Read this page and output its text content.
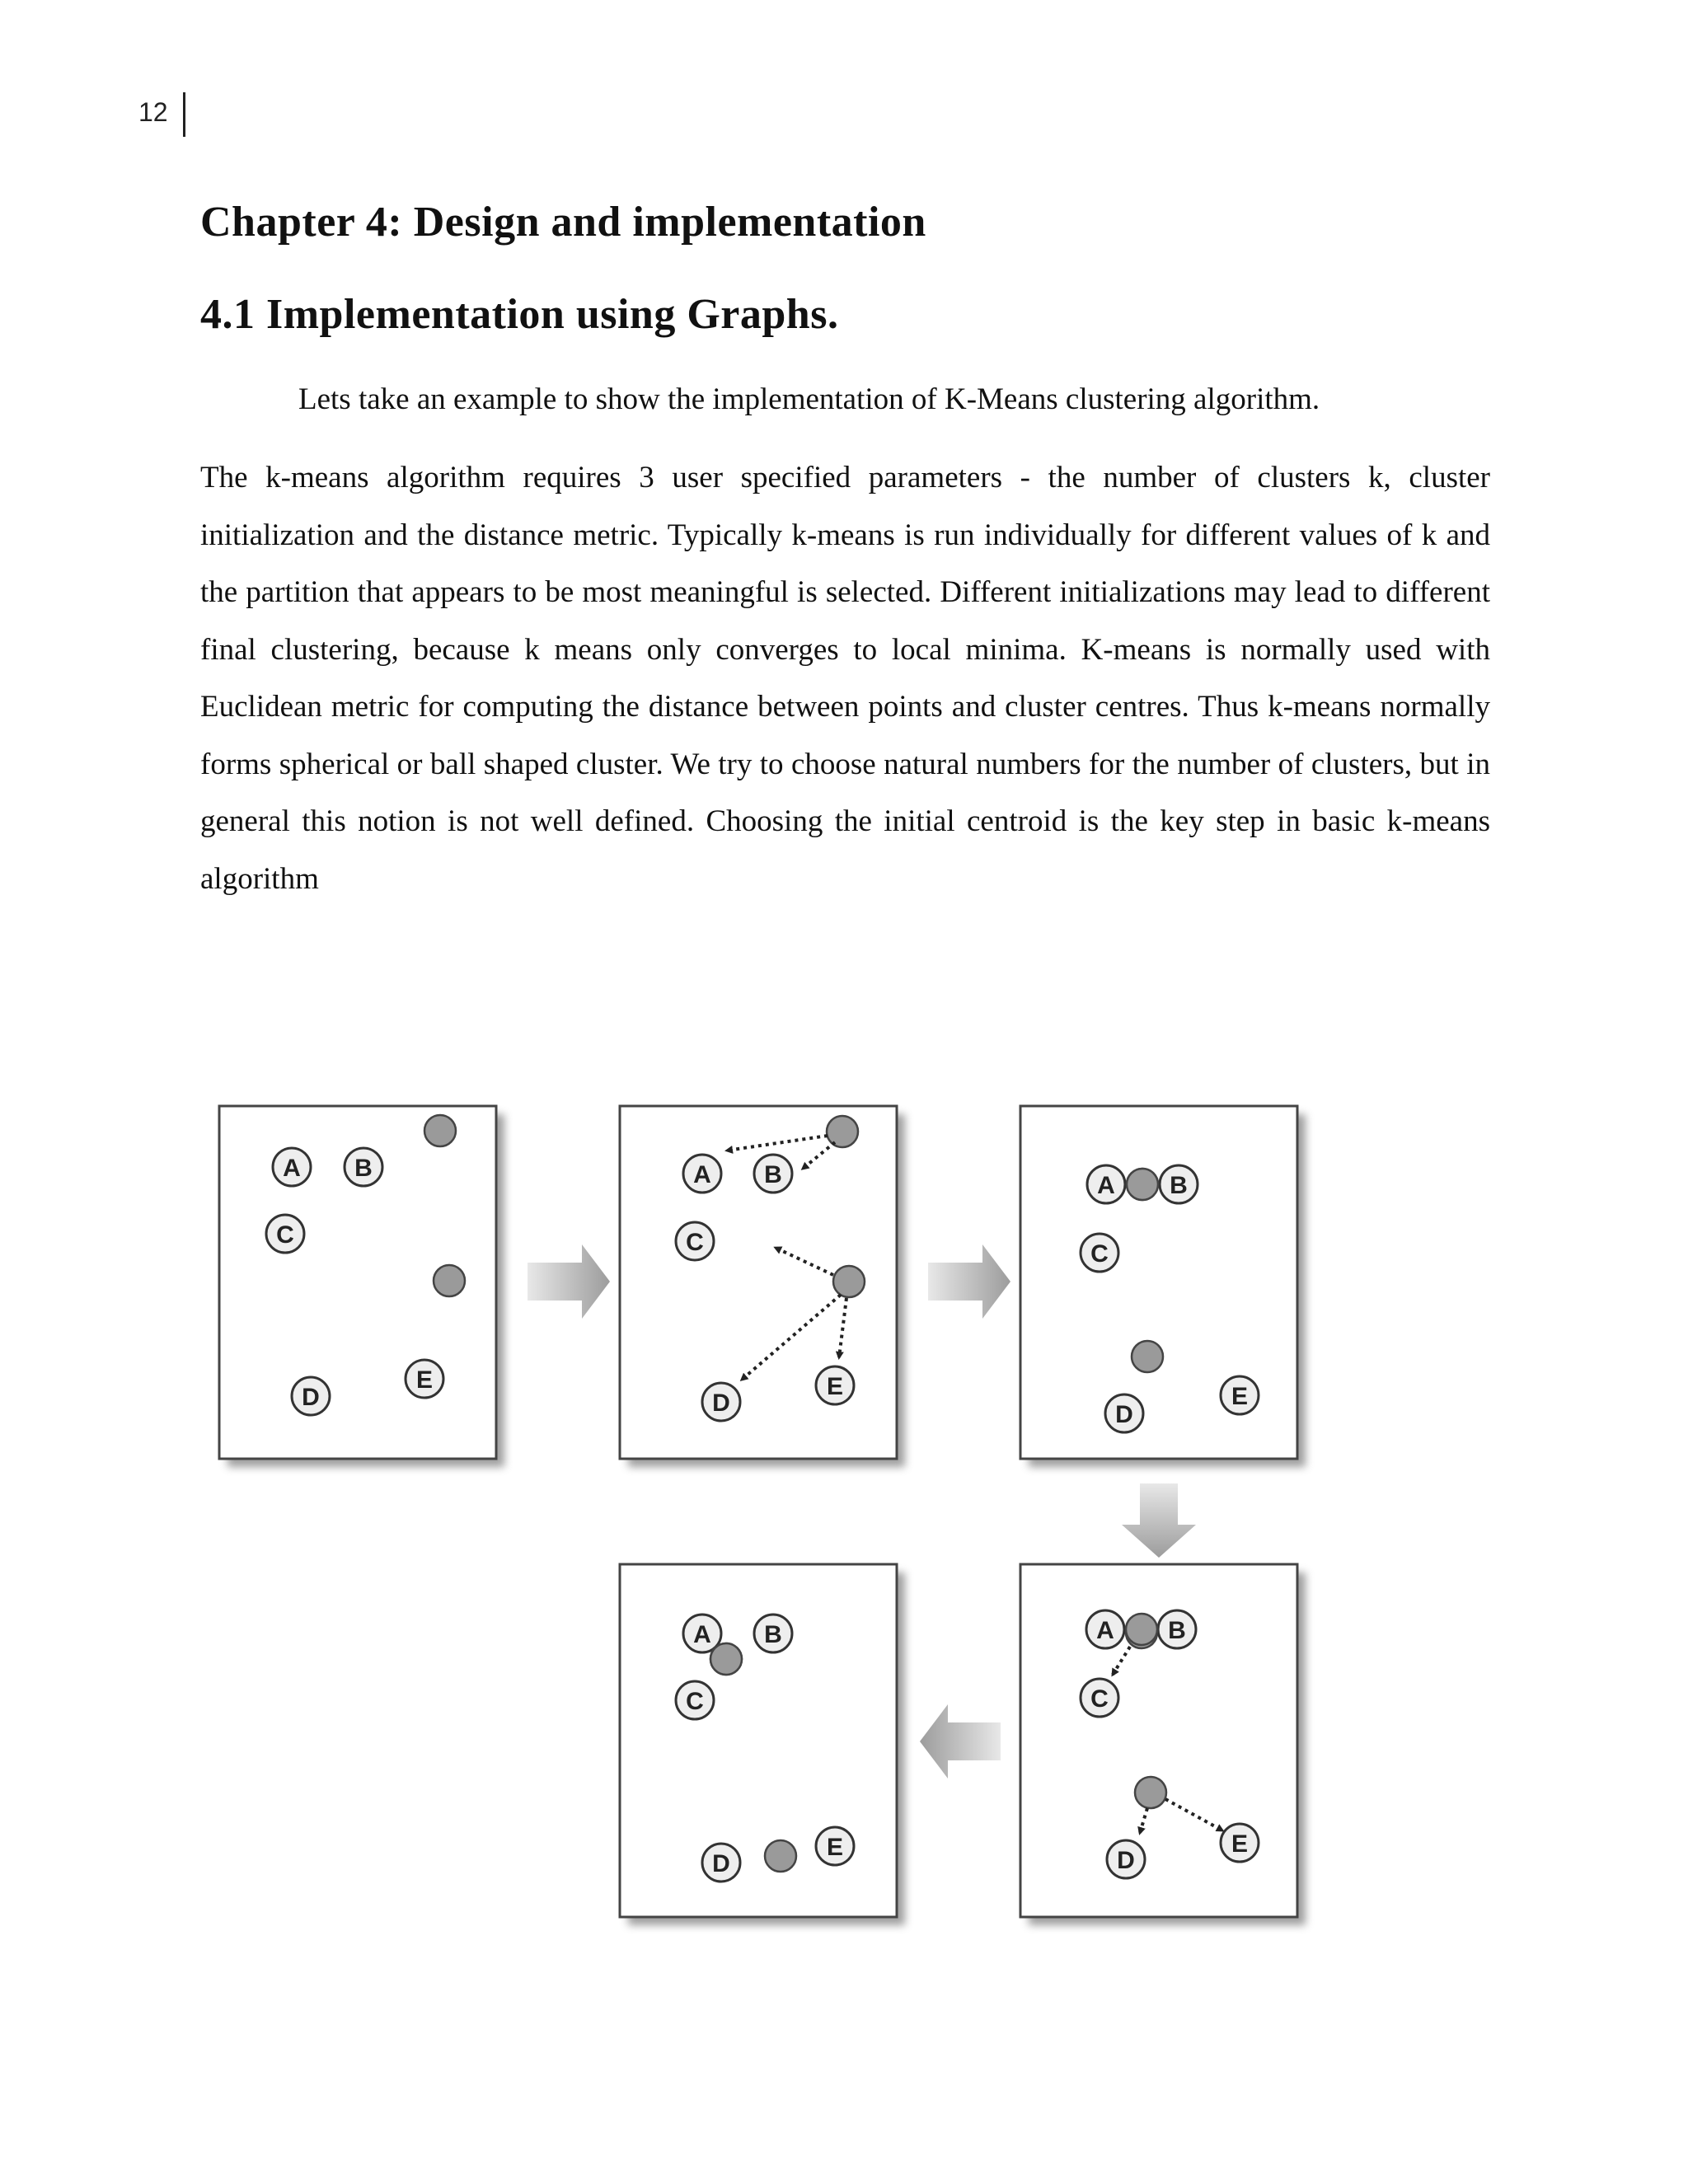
12
Chapter 4: Design and implementation
4.1 Implementation using Graphs.

Lets take an example to show the implementation of K-Means clustering algorithm.

The k-means algorithm requires 3 user specified parameters - the number of clusters k, cluster initialization and the distance metric. Typically k-means is run individually for different values of k and the partition that appears to be most meaningful is selected. Different initializations may lead to different final clustering, because k means only converges to local minima. K-means is normally used with Euclidean metric for computing the distance between points and cluster centres. Thus k-means normally forms spherical or ball shaped cluster. We try to choose natural numbers for the number of clusters, but in general this notion is not well defined. Choosing the initial centroid is the key step in basic k-means algorithm

A B
C
D
E
A B
C
D
E
A B
C
D
E
A B
C
D
E
A B
C
D
E
